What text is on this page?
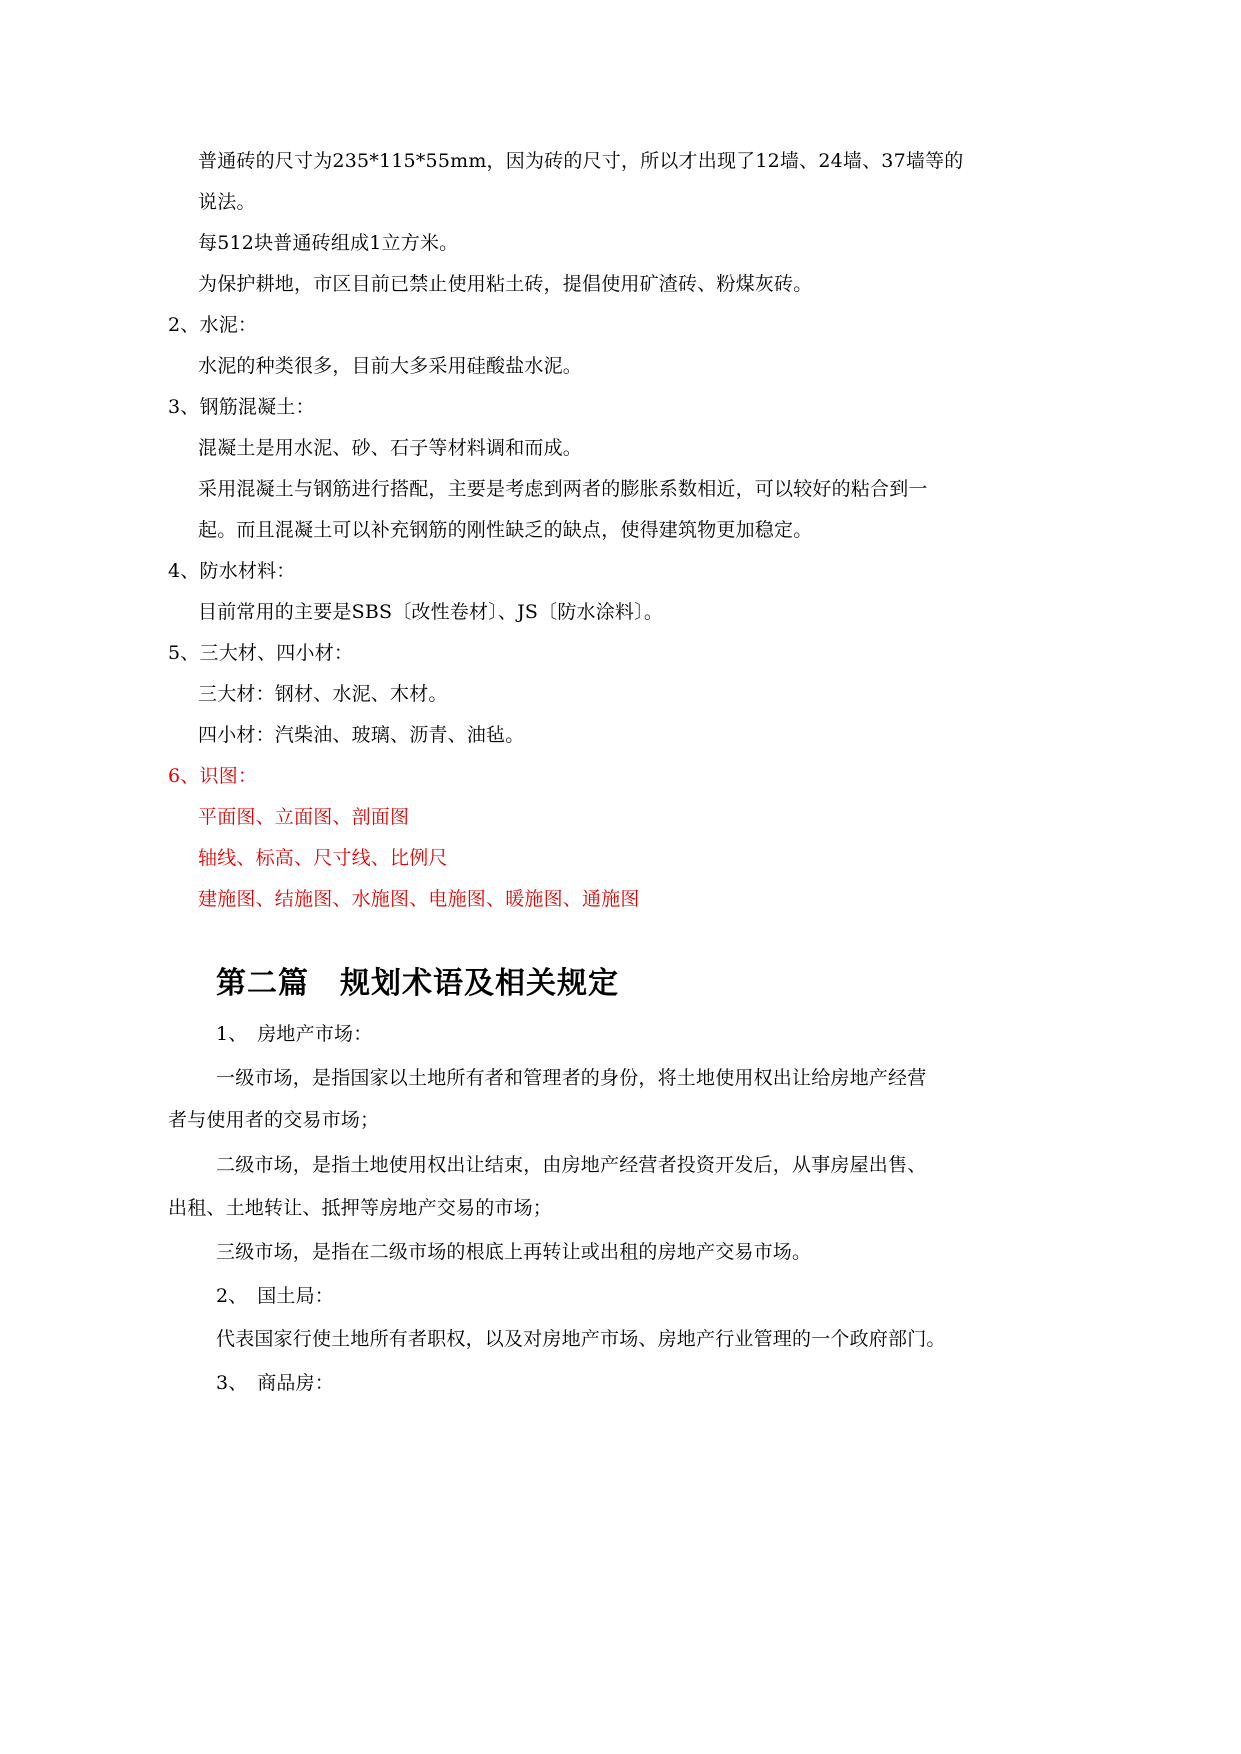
普通砖的尺寸为235*115*55mm，因为砖的尺寸，所以才出现了12墙、24墙、37墙等的
说法。
每512块普通砖组成1立方米。
为保护耕地，市区目前已禁止使用粘土砖，提倡使用矿渣砖、粉煤灰砖。
2、水泥：
水泥的种类很多，目前大多采用硅酸盐水泥。
3、钢筋混凝土：
混凝土是用水泥、砂、石子等材料调和而成。
采用混凝土与钢筋进行搭配，主要是考虑到两者的膨胀系数相近，可以较好的粘合到一
起。而且混凝土可以补充钢筋的刚性缺乏的缺点，使得建筑物更加稳定。
4、防水材料：
目前常用的主要是SBS〔改性卷材〕、JS〔防水涂料〕。
5、三大材、四小材：
三大材：钢材、水泥、木材。
四小材：汽柴油、玻璃、沥青、油毡。
6、识图：
平面图、立面图、剖面图
轴线、标高、尺寸线、比例尺
建施图、结施图、水施图、电施图、暖施图、通施图
第二篇　规划术语及相关规定
1、　房地产市场：
一级市场，是指国家以土地所有者和管理者的身份，将土地使用权出让给房地产经营
者与使用者的交易市场；
二级市场，是指土地使用权出让结束，由房地产经营者投资开发后，从事房屋出售、
出租、土地转让、抵押等房地产交易的市场；
三级市场，是指在二级市场的根底上再转让或出租的房地产交易市场。
2、　国土局：
代表国家行使土地所有者职权，以及对房地产市场、房地产行业管理的一个政府部门。
3、　商品房：
